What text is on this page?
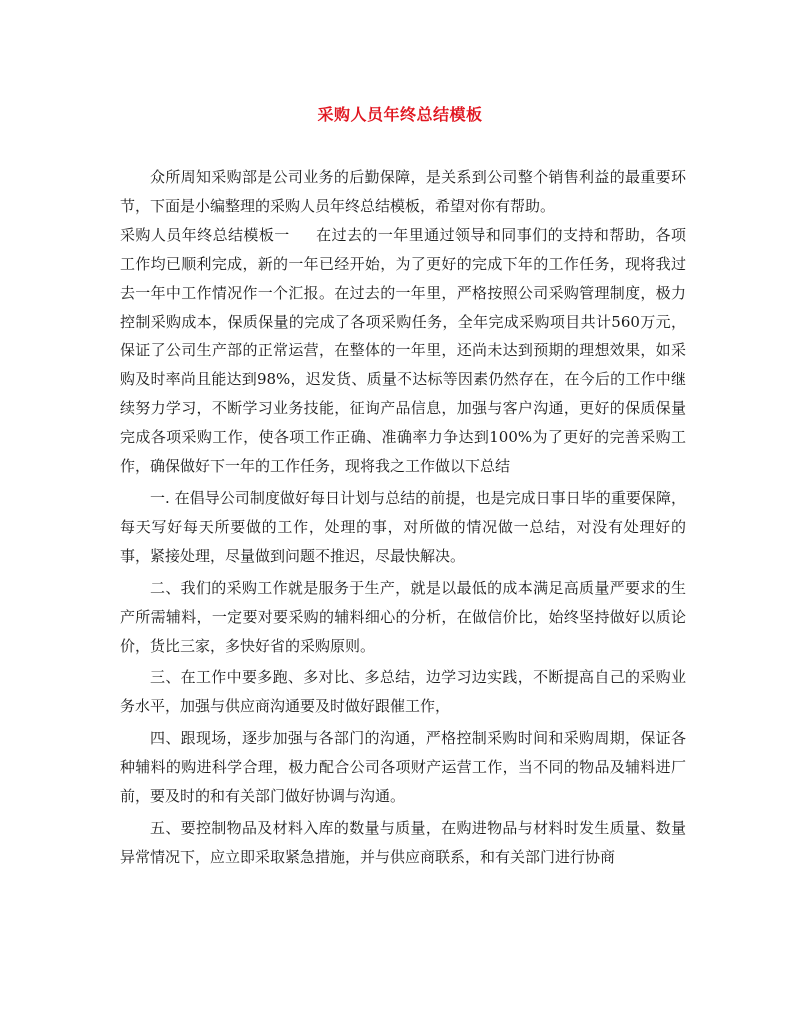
采购人员年终总结模板

众所周知采购部是公司业务的后勤保障，是关系到公司整个销售利益的最重要环节，下面是小编整理的采购人员年终总结模板，希望对你有帮助。

采购人员年终总结模板一 在过去的一年里通过领导和同事们的支持和帮助，各项工作均已顺利完成，新的一年已经开始，为了更好的完成下年的工作任务，现将我过去一年中工作情况作一个汇报。在过去的一年里，严格按照公司采购管理制度，极力控制采购成本，保质保量的完成了各项采购任务，全年完成采购项目共计560万元，保证了公司生产部的正常运营，在整体的一年里，还尚未达到预期的理想效果，如采购及时率尚且能达到98%，迟发货、质量不达标等因素仍然存在，在今后的工作中继续努力学习，不断学习业务技能，征询产品信息，加强与客户沟通，更好的保质保量完成各项采购工作，使各项工作正确、准确率力争达到100%为了更好的完善采购工作，确保做好下一年的工作任务，现将我之工作做以下总结

一. 在倡导公司制度做好每日计划与总结的前提，也是完成日事日毕的重要保障，每天写好每天所要做的工作，处理的事，对所做的情况做一总结，对没有处理好的事，紧接处理，尽量做到问题不推迟，尽最快解决。

二、我们的采购工作就是服务于生产，就是以最低的成本满足高质量严要求的生产所需辅料，一定要对要采购的辅料细心的分析，在做信价比，始终坚持做好以质论价，货比三家，多快好省的采购原则。

三、在工作中要多跑、多对比、多总结，边学习边实践，不断提高自己的采购业务水平，加强与供应商沟通要及时做好跟催工作，

四、跟现场，逐步加强与各部门的沟通，严格控制采购时间和采购周期，保证各种辅料的购进科学合理，极力配合公司各项财产运营工作，当不同的物品及辅料进厂前，要及时的和有关部门做好协调与沟通。

五、要控制物品及材料入库的数量与质量，在购进物品与材料时发生质量、数量异常情况下，应立即采取紧急措施，并与供应商联系，和有关部门进行协商
